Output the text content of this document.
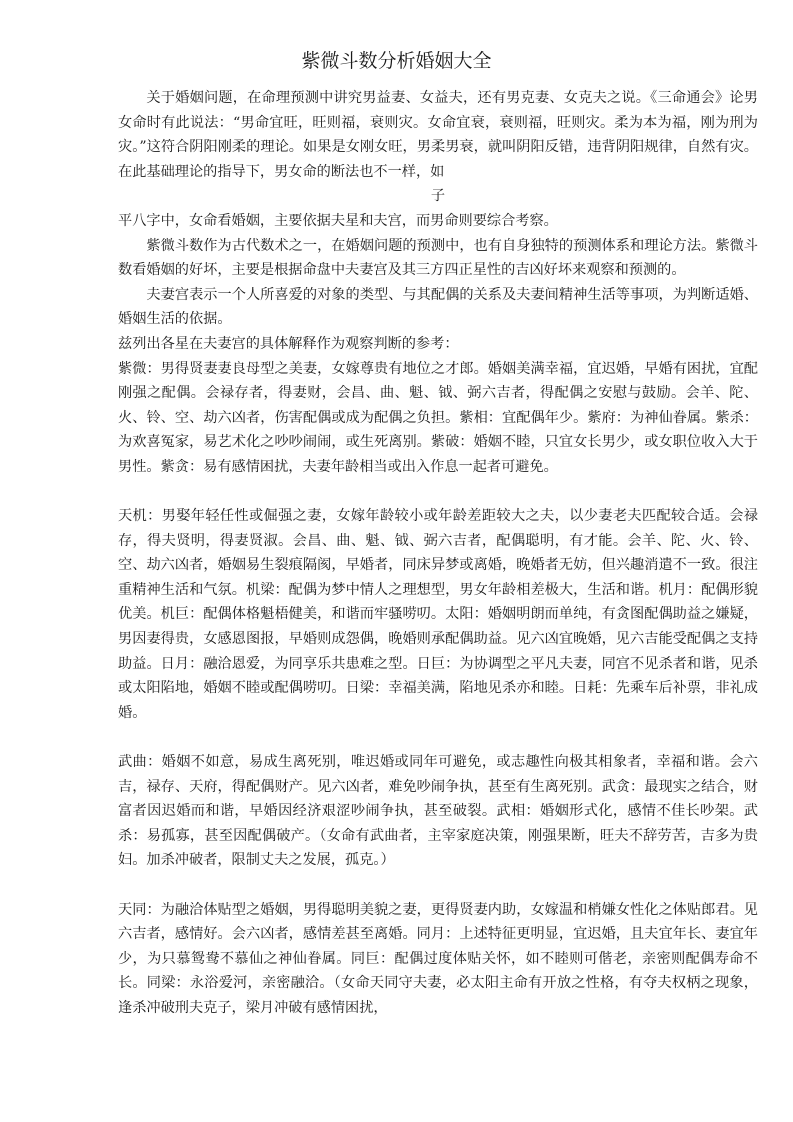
紫微斗数分析婚姻大全

关于婚姻问题，在命理预测中讲究男益妻、女益夫，还有男克妻、女克夫之说。《三命通会》论男女命时有此说法：“男命宜旺，旺则福，衰则灾。女命宜衰，衰则福，旺则灾。柔为本为福，刚为刑为灾。”这符合阴阳刚柔的理论。如果是女刚女旺，男柔男衰，就叫阴阳反错，违背阴阳规律，自然有灾。在此基础理论的指导下，男女命的断法也不一样，如

子

平八字中，女命看婚姻，主要依据夫星和夫宫，而男命则要综合考察。

紫微斗数作为古代数术之一，在婚姻问题的预测中，也有自身独特的预测体系和理论方法。紫微斗数看婚姻的好坏，主要是根据命盘中夫妻宫及其三方四正星性的吉凶好坏来观察和预测的。

夫妻宫表示一个人所喜爱的对象的类型、与其配偶的关系及夫妻间精神生活等事项，为判断适婚、婚姻生活的依据。

兹列出各星在夫妻宫的具体解释作为观察判断的参考：

紫微：男得贤妻妻良母型之美妻，女嫁尊贵有地位之才郎。婚姻美满幸福，宜迟婚，早婚有困扰，宜配刚强之配偶。会禄存者，得妻财，会昌、曲、魁、钺、弼六吉者，得配偶之安慰与鼓励。会羊、陀、火、铃、空、劫六凶者，伤害配偶或成为配偶之负担。紫相：宜配偶年少。紫府：为神仙眷属。紫杀：为欢喜冤家，易艺术化之吵吵闹闹，或生死离别。紫破：婚姻不睦，只宜女长男少，或女职位收入大于男性。紫贪：易有感情困扰，夫妻年龄相当或出入作息一起者可避免。

天机：男娶年轻任性或倔强之妻，女嫁年龄较小或年龄差距较大之夫，以少妻老夫匹配较合适。会禄存，得夫贤明，得妻贤淑。会昌、曲、魁、钺、弼六吉者，配偶聪明，有才能。会羊、陀、火、铃、空、劫六凶者，婚姻易生裂痕隔阂，早婚者，同床异梦或离婚，晚婚者无妨，但兴趣消遣不一致。很注重精神生活和气氛。机梁：配偶为梦中情人之理想型，男女年龄相差极大，生活和谐。机月：配偶形貌优美。机巨：配偶体格魁梧健美，和谐而牢骚唠叨。太阳：婚姻明朗而单纯，有贪图配偶助益之嫌疑，男因妻得贵，女感恩图报，早婚则成怨偶，晚婚则承配偶助益。见六凶宜晚婚，见六吉能受配偶之支持助益。日月：融洽恩爱，为同享乐共患难之型。日巨：为协调型之平凡夫妻，同宫不见杀者和谐，见杀或太阳陷地，婚姻不睦或配偶唠叨。日梁：幸福美满，陷地见杀亦和睦。日耗：先乘车后补票，非礼成婚。

武曲：婚姻不如意，易成生离死别，唯迟婚或同年可避免，或志趣性向极其相象者，幸福和谐。会六吉，禄存、天府，得配偶财产。见六凶者，难免吵闹争执，甚至有生离死别。武贪：最现实之结合，财富者因迟婚而和谐，早婚因经济艰涩吵闹争执，甚至破裂。武相：婚姻形式化，感情不佳长吵架。武杀：易孤寡，甚至因配偶破产。（女命有武曲者，主宰家庭决策，刚强果断，旺夫不辞劳苦，吉多为贵妇。加杀冲破者，限制丈夫之发展，孤克。）

天同：为融洽体贴型之婚姻，男得聪明美貌之妻，更得贤妻内助，女嫁温和梢嫌女性化之体贴郎君。见六吉者，感情好。会六凶者，感情差甚至离婚。同月：上述特征更明显，宜迟婚，且夫宜年长、妻宜年少，为只慕鸳鸯不慕仙之神仙眷属。同巨：配偶过度体贴关怀，如不睦则可偕老，亲密则配偶寿命不长。同梁：永浴爱河，亲密融洽。（女命天同守夫妻，必太阳主命有开放之性格，有夺夫权柄之现象，逢杀冲破刑夫克子，梁月冲破有感情困扰，
